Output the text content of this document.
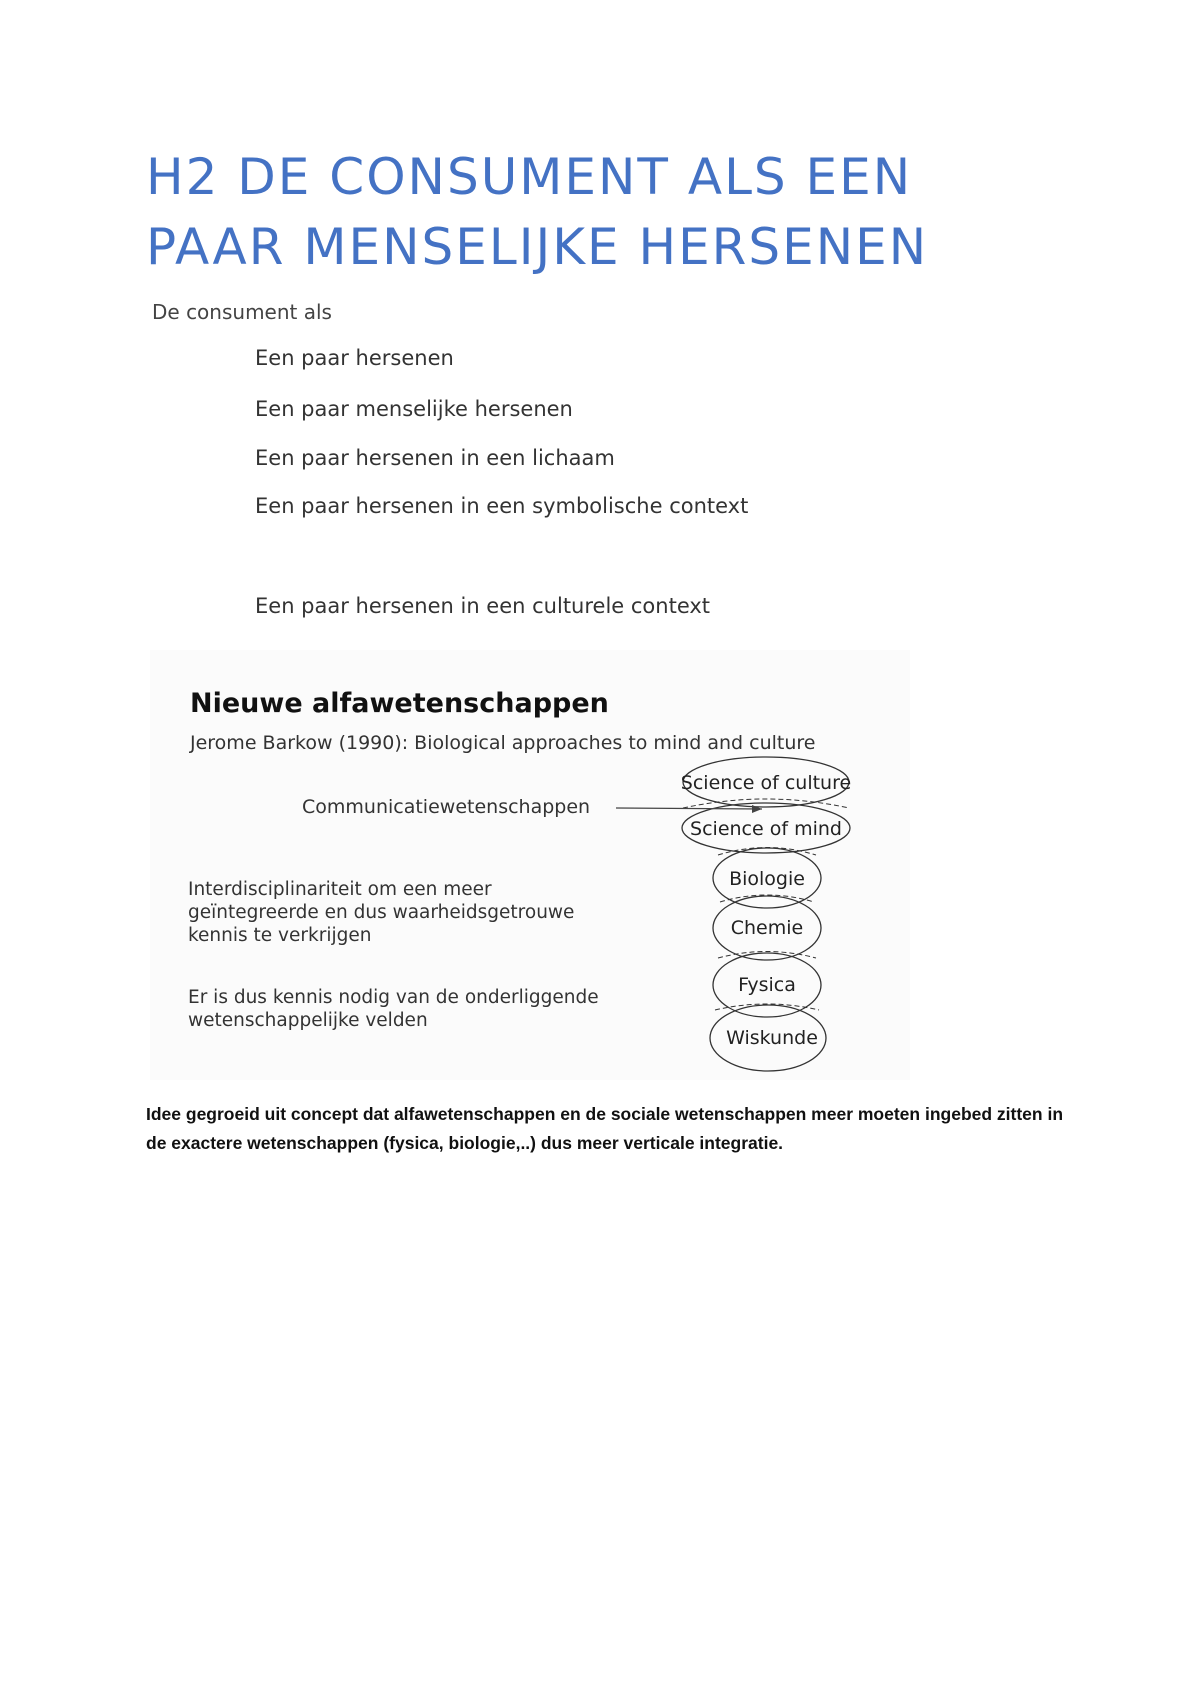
H2 DE CONSUMENT ALS EEN
PAAR MENSELIJKE HERSENEN
De consument als
Een paar hersenen
Een paar menselijke hersenen
Een paar hersenen in een lichaam
Een paar hersenen in een symbolische context
Een paar hersenen in een culturele context
Nieuwe alfawetenschappen
Jerome Barkow (1990): Biological approaches to mind and culture
Communicatiewetenschappen
Interdisciplinariteit om een meer
geïntegreerde en dus waarheidsgetrouwe
kennis te verkrijgen
Er is dus kennis nodig van de onderliggende
wetenschappelijke velden
Science of culture
Science of mind
Biologie
Chemie
Fysica
Wiskunde
Idee gegroeid uit concept dat alfawetenschappen en de sociale wetenschappen meer moeten ingebed zitten in
de exactere wetenschappen (fysica, biologie,..) dus meer verticale integratie.
